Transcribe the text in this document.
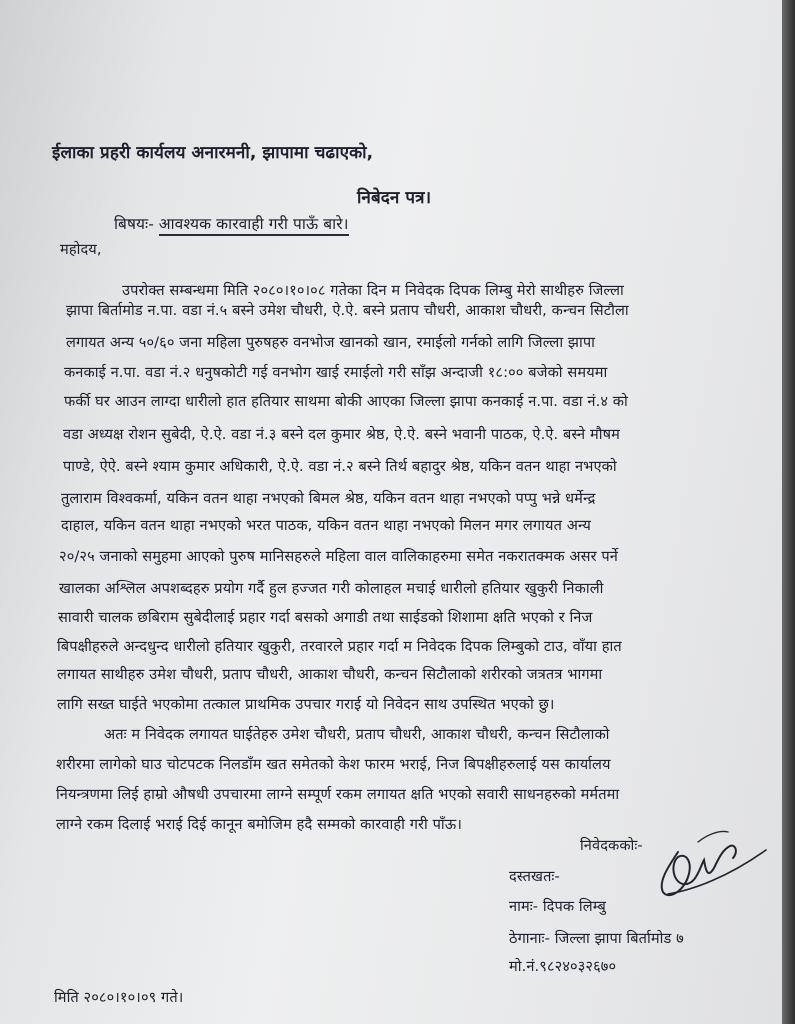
ईलाका प्रहरी कार्यलय अनारमनी, झापामा चढाएको,
निबेदन पत्र।
बिषयः- आवश्यक कारवाही गरी पाऊँ बारे।
महोदय,
उपरोक्त सम्बन्धमा मिति २०८०।१०।०८ गतेका दिन म निवेदक दिपक लिम्बु मेरो साथीहरु जिल्ला
झापा बिर्तामोड न.पा. वडा नं.५ बस्ने उमेश चौधरी, ऐ.ऐ. बस्ने प्रताप चौधरी, आकाश चौधरी, कन्चन सिटौला
लगायत अन्य ५०/६० जना महिला पुरुषहरु वनभोज खानको खान, रमाईलो गर्नको लागि जिल्ला झापा
कनकाई न.पा. वडा नं.२ धनुषकोटी गई वनभोग खाई रमाईलो गरी साँझ अन्दाजी १८:०० बजेको समयमा
फर्की घर आउन लाग्दा धारीलो हात हतियार साथमा बोकी आएका जिल्ला झापा कनकाई न.पा. वडा नं.४ को
वडा अध्यक्ष रोशन सुबेदी, ऐ.ऐ. वडा नं.३ बस्ने दल कुमार श्रेष्ठ, ऐ.ऐ. बस्ने भवानी पाठक, ऐ.ऐ. बस्ने मौषम
पाण्डे, ऐऐ. बस्ने श्याम कुमार अधिकारी, ऐ.ऐ. वडा नं.२ बस्ने तिर्थ बहादुर श्रेष्ठ, यकिन वतन थाहा नभएको
तुलाराम विश्वकर्मा, यकिन वतन थाहा नभएको बिमल श्रेष्ठ, यकिन वतन थाहा नभएको पप्पु भन्ने धर्मेन्द्र
दाहाल, यकिन वतन थाहा नभएको भरत पाठक, यकिन वतन थाहा नभएको मिलन मगर लगायत अन्य
२०/२५ जनाको समुहमा आएको पुरुष मानिसहरुले महिला वाल वालिकाहरुमा समेत नकरातक्मक असर पर्ने
खालका अश्लिल अपशब्दहरु प्रयोग गर्दै हुल हज्जत गरी कोलाहल मचाई धारीलो हतियार खुकुरी निकाली
सावारी चालक छबिराम सुबेदीलाई प्रहार गर्दा बसको अगाडी तथा साईडको शिशामा क्षति भएको र निज
बिपक्षीहरुले अन्दधुन्द धारीलो हतियार खुकुरी, तरवारले प्रहार गर्दा म निवेदक दिपक लिम्बुको टाउ, वाँया हात
लगायत साथीहरु उमेश चौधरी, प्रताप चौधरी, आकाश चौधरी, कन्चन सिटौलाको शरीरको जत्रतत्र भागमा
लागि सख्त घाईते भएकोमा तत्काल प्राथमिक उपचार गराई यो निवेदन साथ उपस्थित भएको छु।
अतः म निवेदक लगायत घाईतेहरु उमेश चौधरी, प्रताप चौधरी, आकाश चौधरी, कन्चन सिटौलाको
शरीरमा लागेको घाउ चोटपटक निलडाँम खत समेतको केश फारम भराई, निज बिपक्षीहरुलाई यस कार्यालय
नियन्त्रणमा लिई हाम्रो औषधी उपचारमा लाग्ने सम्पूर्ण रकम लगायत क्षति भएको सवारी साधनहरुको मर्मतमा
लाग्ने रकम दिलाई भराई दिई कानून बमोजिम हदै सम्मको कारवाही गरी पाँऊ।
निवेदककोः-
दस्तखतः-
नामः- दिपक लिम्बु
ठेगानाः- जिल्ला झापा बिर्तामोड ७
मो.नं.९८२४०३२६७०
मिति २०८०।१०।०९ गते।
